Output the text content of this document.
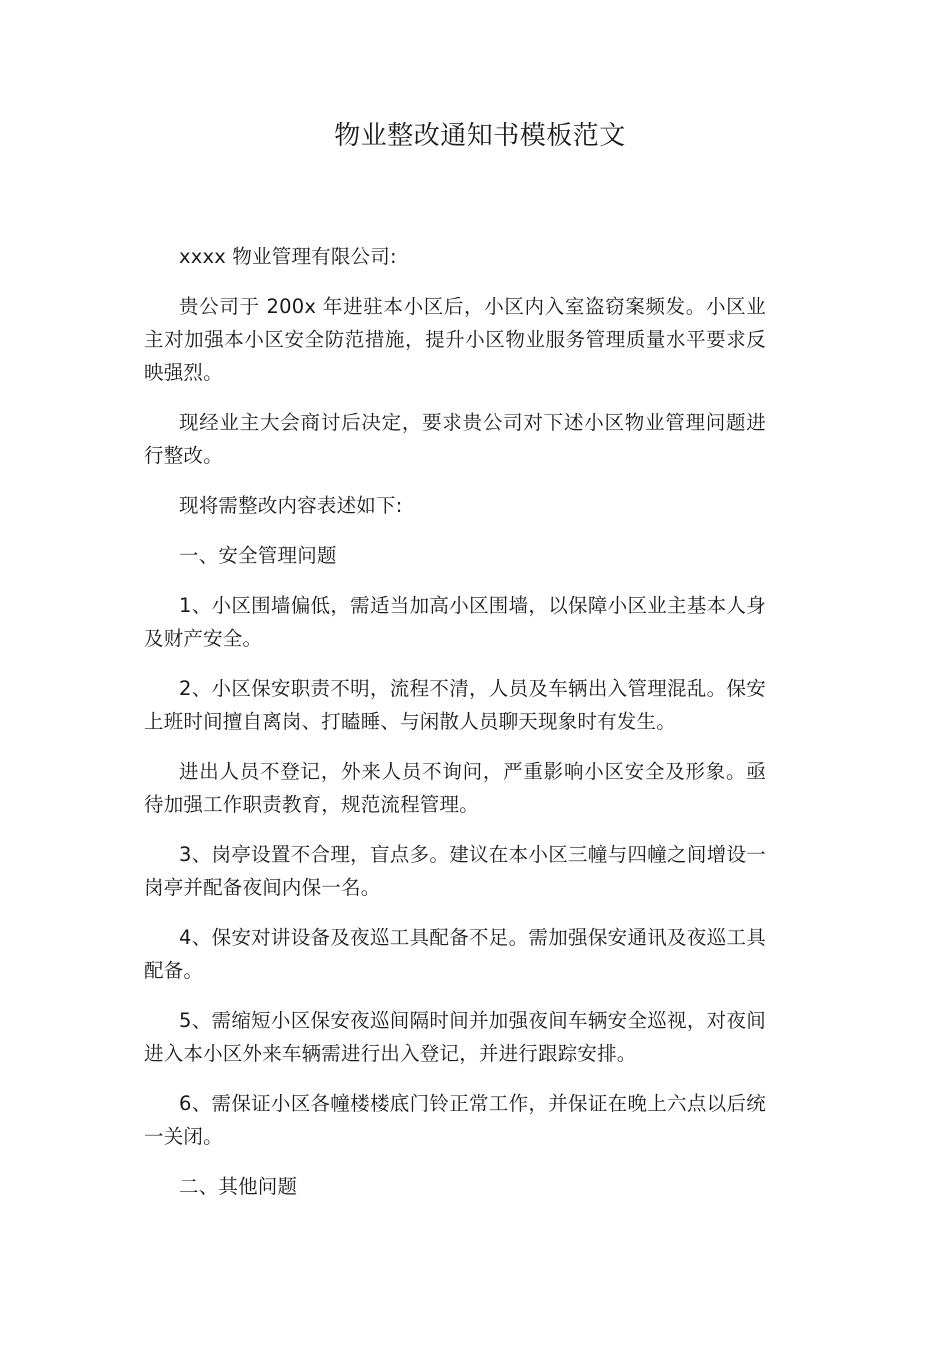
物业整改通知书模板范文

xxxx 物业管理有限公司:

贵公司于 200x 年进驻本小区后，小区内入室盗窃案频发。小区业主对加强本小区安全防范措施，提升小区物业服务管理质量水平要求反映强烈。

现经业主大会商讨后决定，要求贵公司对下述小区物业管理问题进行整改。

现将需整改内容表述如下:

一、安全管理问题

1、小区围墙偏低，需适当加高小区围墙，以保障小区业主基本人身及财产安全。

2、小区保安职责不明，流程不清，人员及车辆出入管理混乱。保安上班时间擅自离岗、打瞌睡、与闲散人员聊天现象时有发生。

进出人员不登记，外来人员不询问，严重影响小区安全及形象。亟待加强工作职责教育，规范流程管理。

3、岗亭设置不合理，盲点多。建议在本小区三幢与四幢之间增设一岗亭并配备夜间内保一名。

4、保安对讲设备及夜巡工具配备不足。需加强保安通讯及夜巡工具配备。

5、需缩短小区保安夜巡间隔时间并加强夜间车辆安全巡视，对夜间进入本小区外来车辆需进行出入登记，并进行跟踪安排。

6、需保证小区各幢楼楼底门铃正常工作，并保证在晚上六点以后统一关闭。

二、其他问题
